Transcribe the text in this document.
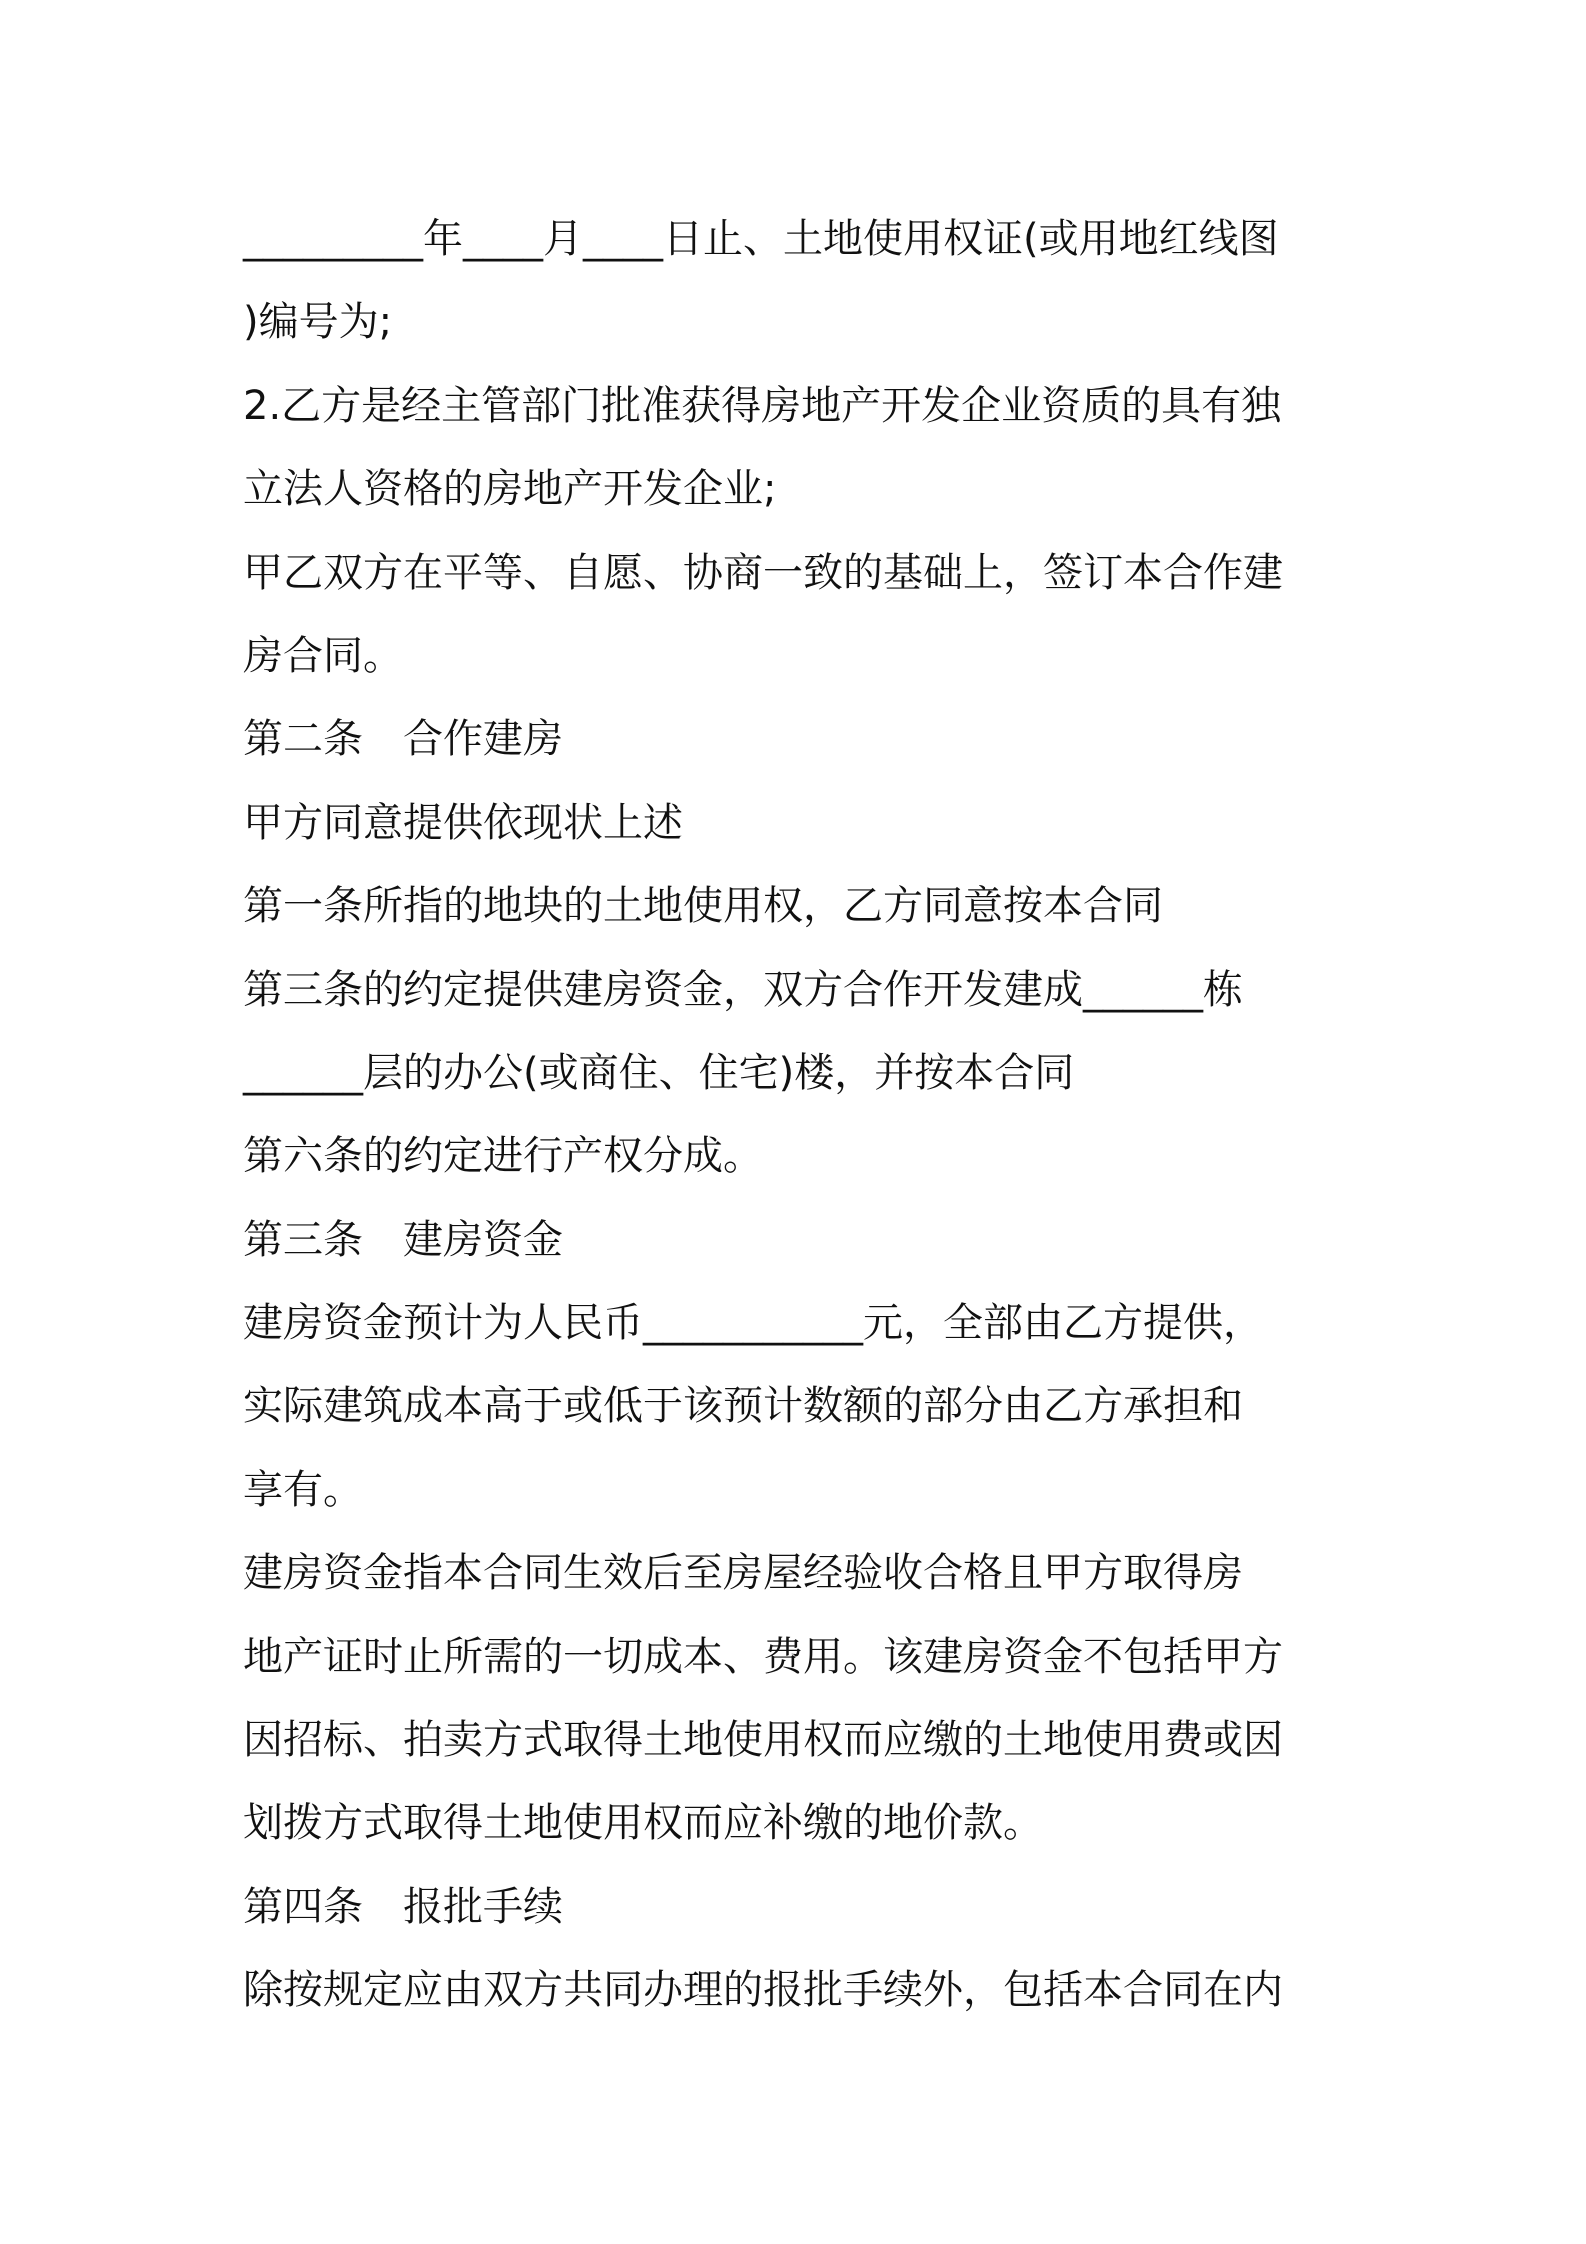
_________年____月____日止、土地使用权证(或用地红线图
)编号为;
2.乙方是经主管部门批准获得房地产开发企业资质的具有独
立法人资格的房地产开发企业;
甲乙双方在平等、自愿、协商一致的基础上，签订本合作建
房合同。
第二条　合作建房
甲方同意提供依现状上述
第一条所指的地块的土地使用权，乙方同意按本合同
第三条的约定提供建房资金，双方合作开发建成______栋
______层的办公(或商住、住宅)楼，并按本合同
第六条的约定进行产权分成。
第三条　建房资金
建房资金预计为人民币___________元，全部由乙方提供，
实际建筑成本高于或低于该预计数额的部分由乙方承担和
享有。
建房资金指本合同生效后至房屋经验收合格且甲方取得房
地产证时止所需的一切成本、费用。该建房资金不包括甲方
因招标、拍卖方式取得土地使用权而应缴的土地使用费或因
划拨方式取得土地使用权而应补缴的地价款。
第四条　报批手续
除按规定应由双方共同办理的报批手续外，包括本合同在内
